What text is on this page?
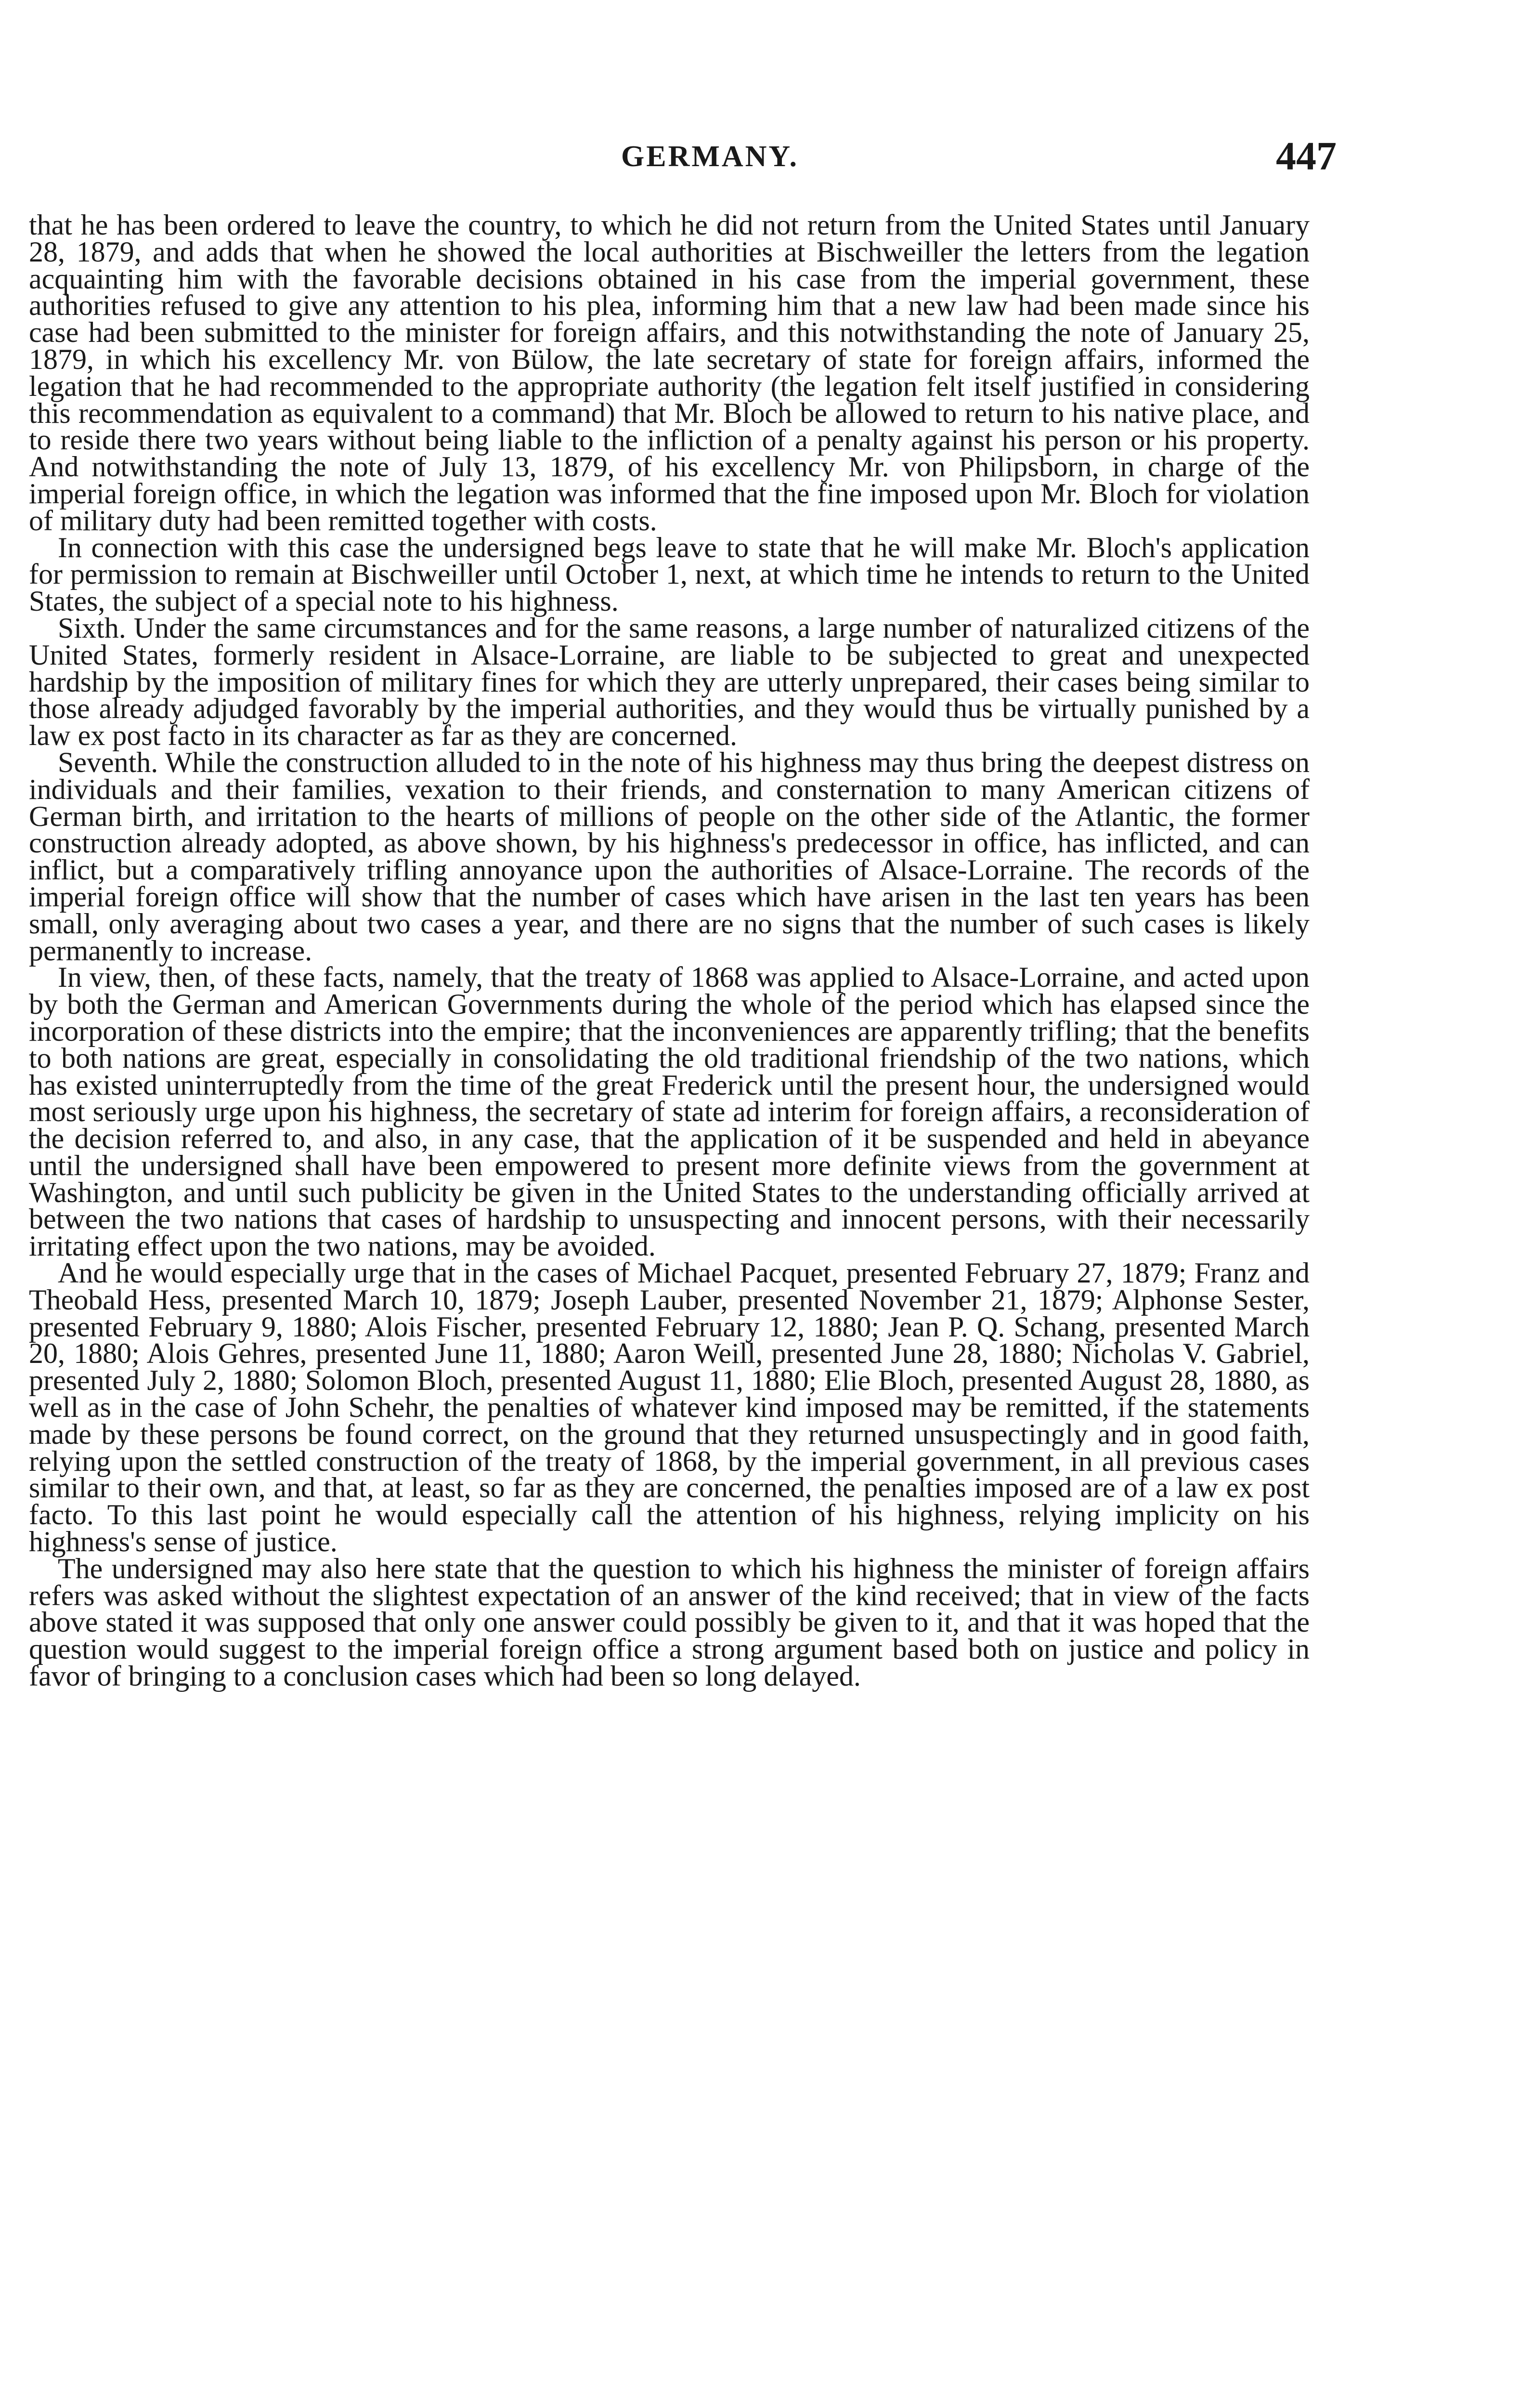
GERMANY.	447

that he has been ordered to leave the country, to which he did not return from the United States until January 28, 1879, and adds that when he showed the local authorities at Bischweiller the letters from the legation acquainting him with the favorable decisions obtained in his case from the imperial government, these authorities refused to give any attention to his plea, informing him that a new law had been made since his case had been submitted to the minister for foreign affairs, and this notwithstanding the note of January 25, 1879, in which his excellency Mr. von Bülow, the late secretary of state for foreign affairs, informed the legation that he had recommended to the appropriate authority (the legation felt itself justified in considering this recommendation as equivalent to a command) that Mr. Bloch be allowed to return to his native place, and to reside there two years without being liable to the infliction of a penalty against his person or his property. And notwithstanding the note of July 13, 1879, of his excellency Mr. von Philipsborn, in charge of the imperial foreign office, in which the legation was informed that the fine imposed upon Mr. Bloch for violation of military duty had been remitted together with costs.

In connection with this case the undersigned begs leave to state that he will make Mr. Bloch's application for permission to remain at Bischweiller until October 1, next, at which time he intends to return to the United States, the subject of a special note to his highness.

Sixth. Under the same circumstances and for the same reasons, a large number of naturalized citizens of the United States, formerly resident in Alsace-Lorraine, are liable to be subjected to great and unexpected hardship by the imposition of military fines for which they are utterly unprepared, their cases being similar to those already adjudged favorably by the imperial authorities, and they would thus be virtually punished by a law ex post facto in its character as far as they are concerned.

Seventh. While the construction alluded to in the note of his highness may thus bring the deepest distress on individuals and their families, vexation to their friends, and consternation to many American citizens of German birth, and irritation to the hearts of millions of people on the other side of the Atlantic, the former construction already adopted, as above shown, by his highness's predecessor in office, has inflicted, and can inflict, but a comparatively trifling annoyance upon the authorities of Alsace-Lorraine. The records of the imperial foreign office will show that the number of cases which have arisen in the last ten years has been small, only averaging about two cases a year, and there are no signs that the number of such cases is likely permanently to increase.

In view, then, of these facts, namely, that the treaty of 1868 was applied to Alsace-Lorraine, and acted upon by both the German and American Governments during the whole of the period which has elapsed since the incorporation of these districts into the empire; that the inconveniences are apparently trifling; that the benefits to both nations are great, especially in consolidating the old traditional friendship of the two nations, which has existed uninterruptedly from the time of the great Frederick until the present hour, the undersigned would most seriously urge upon his highness, the secretary of state ad interim for foreign affairs, a reconsideration of the decision referred to, and also, in any case, that the application of it be suspended and held in abeyance until the undersigned shall have been empowered to present more definite views from the government at Washington, and until such publicity be given in the United States to the understanding officially arrived at between the two nations that cases of hardship to unsuspecting and innocent persons, with their necessarily irritating effect upon the two nations, may be avoided.

And he would especially urge that in the cases of Michael Pacquet, presented February 27, 1879; Franz and Theobald Hess, presented March 10, 1879; Joseph Lauber, presented November 21, 1879; Alphonse Sester, presented February 9, 1880; Alois Fischer, presented February 12, 1880; Jean P. Q. Schang, presented March 20, 1880; Alois Gehres, presented June 11, 1880; Aaron Weill, presented June 28, 1880; Nicholas V. Gabriel, presented July 2, 1880; Solomon Bloch, presented August 11, 1880; Elie Bloch, presented August 28, 1880, as well as in the case of John Schehr, the penalties of whatever kind imposed may be remitted, if the statements made by these persons be found correct, on the ground that they returned unsuspectingly and in good faith, relying upon the settled construction of the treaty of 1868, by the imperial government, in all previous cases similar to their own, and that, at least, so far as they are concerned, the penalties imposed are of a law ex post facto. To this last point he would especially call the attention of his highness, relying implicity on his highness's sense of justice.

The undersigned may also here state that the question to which his highness the minister of foreign affairs refers was asked without the slightest expectation of an answer of the kind received; that in view of the facts above stated it was supposed that only one answer could possibly be given to it, and that it was hoped that the question would suggest to the imperial foreign office a strong argument based both on justice and policy in favor of bringing to a conclusion cases which had been so long delayed.
